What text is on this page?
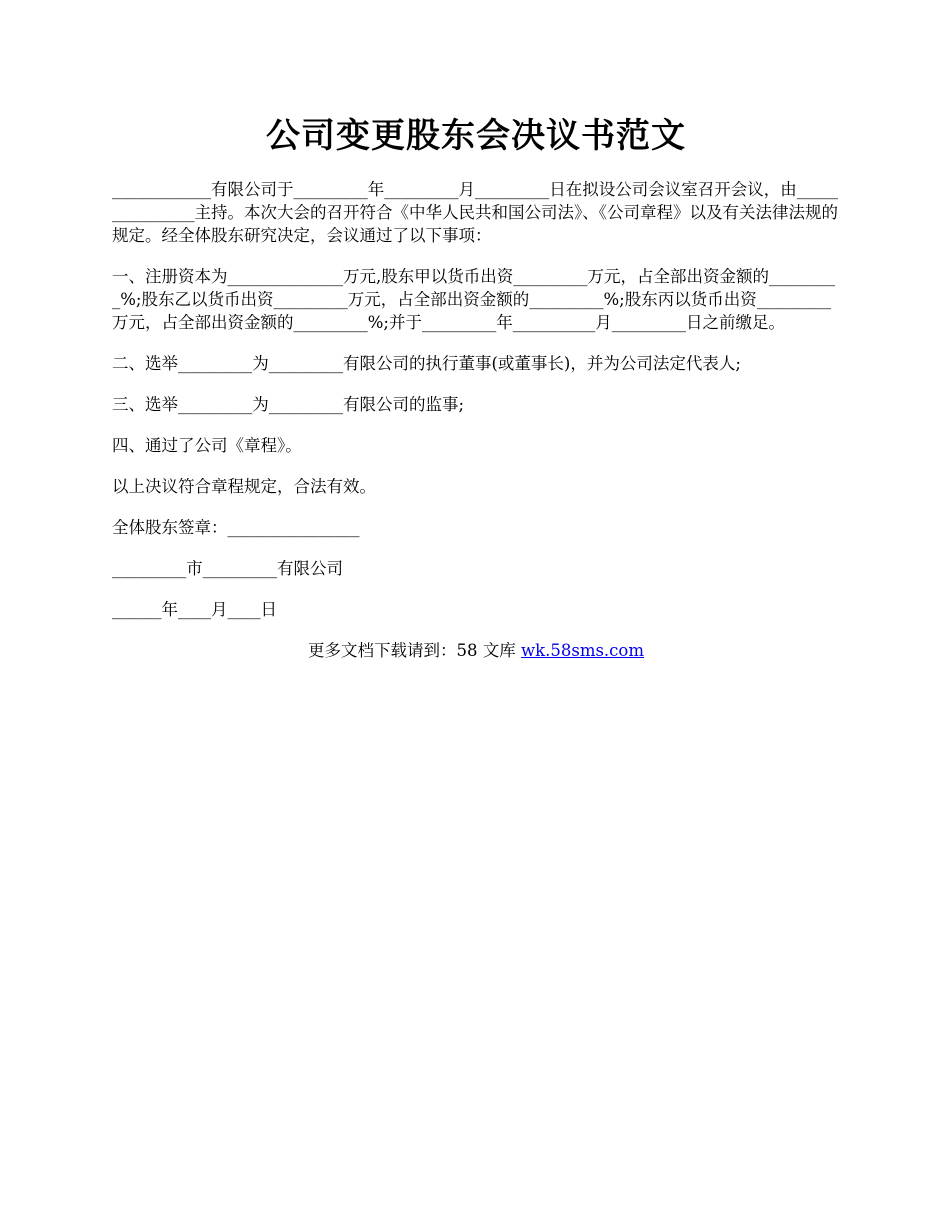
公司变更股东会决议书范文

____________有限公司于_________年_________月_________日在拟设公司会议室召开会议，由_______________主持。本次大会的召开符合《中华人民共和国公司法》、《公司章程》以及有关法律法规的规定。经全体股东研究决定，会议通过了以下事项：

一、注册资本为______________万元,股东甲以货币出资_________万元，占全部出资金额的_________%;股东乙以货币出资_________万元，占全部出资金额的_________%;股东丙以货币出资_________万元，占全部出资金额的_________%;并于_________年__________月_________日之前缴足。

二、选举_________为_________有限公司的执行董事(或董事长)，并为公司法定代表人;

三、选举_________为_________有限公司的监事;

四、通过了公司《章程》。

以上决议符合章程规定，合法有效。

全体股东签章：________________

_________市_________有限公司

______年____月____日

更多文档下载请到：58 文库 wk.58sms.com
